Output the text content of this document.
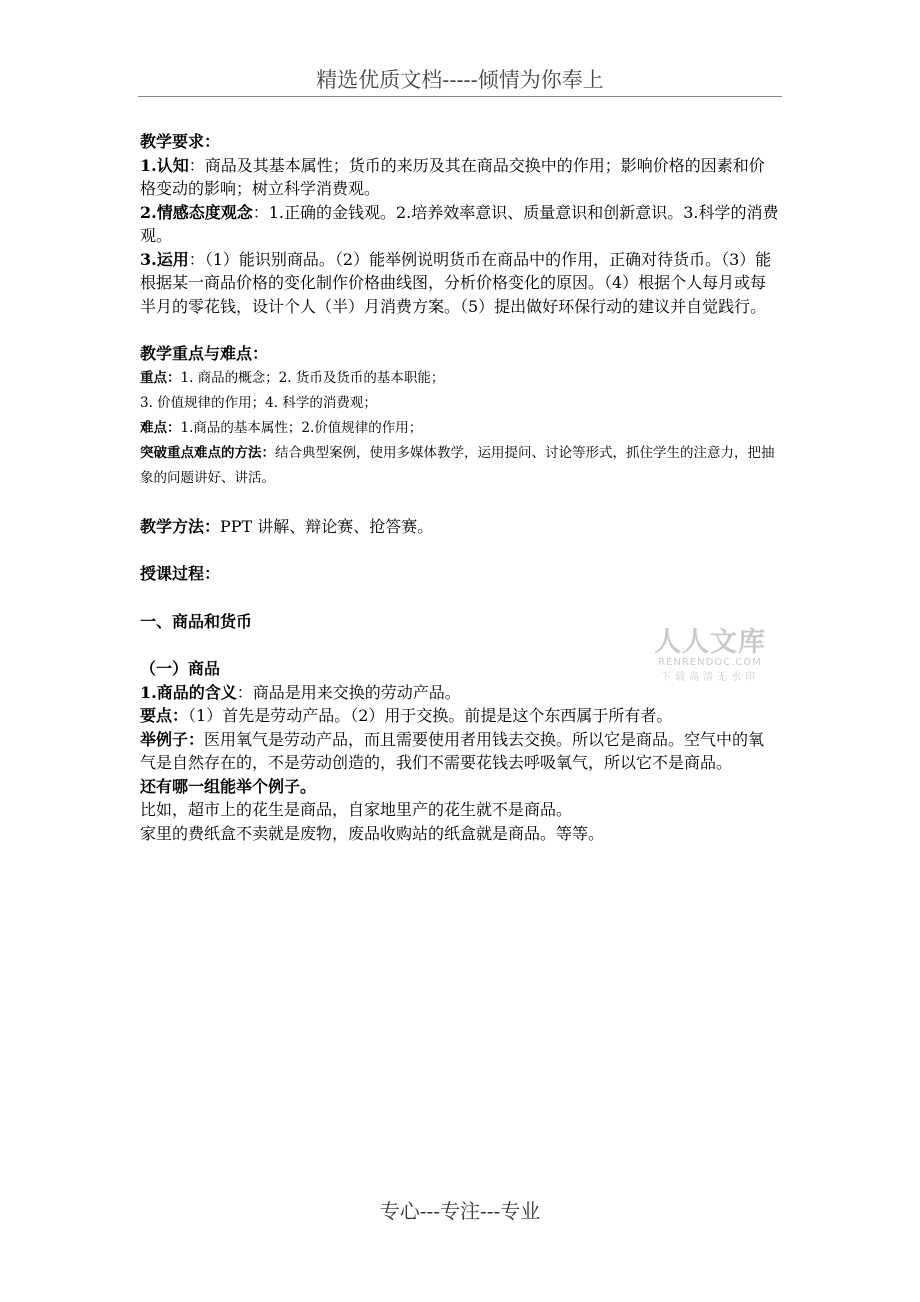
精选优质文档-----倾情为你奉上

教学要求：

1.认知：商品及其基本属性；货币的来历及其在商品交换中的作用；影响价格的因素和价格变动的影响；树立科学消费观。

2.情感态度观念：1.正确的金钱观。2.培养效率意识、质量意识和创新意识。3.科学的消费观。

3.运用：（1）能识别商品。（2）能举例说明货币在商品中的作用，正确对待货币。（3）能根据某一商品价格的变化制作价格曲线图，分析价格变化的原因。（4）根据个人每月或每半月的零花钱，设计个人（半）月消费方案。（5）提出做好环保行动的建议并自觉践行。

教学重点与难点：

重点：1. 商品的概念；2. 货币及货币的基本职能；

3. 价值规律的作用；4. 科学的消费观；

难点：1.商品的基本属性；2.价值规律的作用；

突破重点难点的方法：结合典型案例，使用多媒体教学，运用提问、讨论等形式，抓住学生的注意力，把抽象的问题讲好、讲活。

教学方法：PPT 讲解、辩论赛、抢答赛。

授课过程：

一、商品和货币

（一）商品

1.商品的含义：商品是用来交换的劳动产品。

要点：（1）首先是劳动产品。（2）用于交换。前提是这个东西属于所有者。

举例子：医用氧气是劳动产品，而且需要使用者用钱去交换。所以它是商品。空气中的氧气是自然存在的，不是劳动创造的，我们不需要花钱去呼吸氧气，所以它不是商品。

还有哪一组能举个例子。

比如，超市上的花生是商品，自家地里产的花生就不是商品。

家里的费纸盒不卖就是废物，废品收购站的纸盒就是商品。等等。

人人文库
RENRENDOC.COM
下载高清无水印
专心---专注---专业
